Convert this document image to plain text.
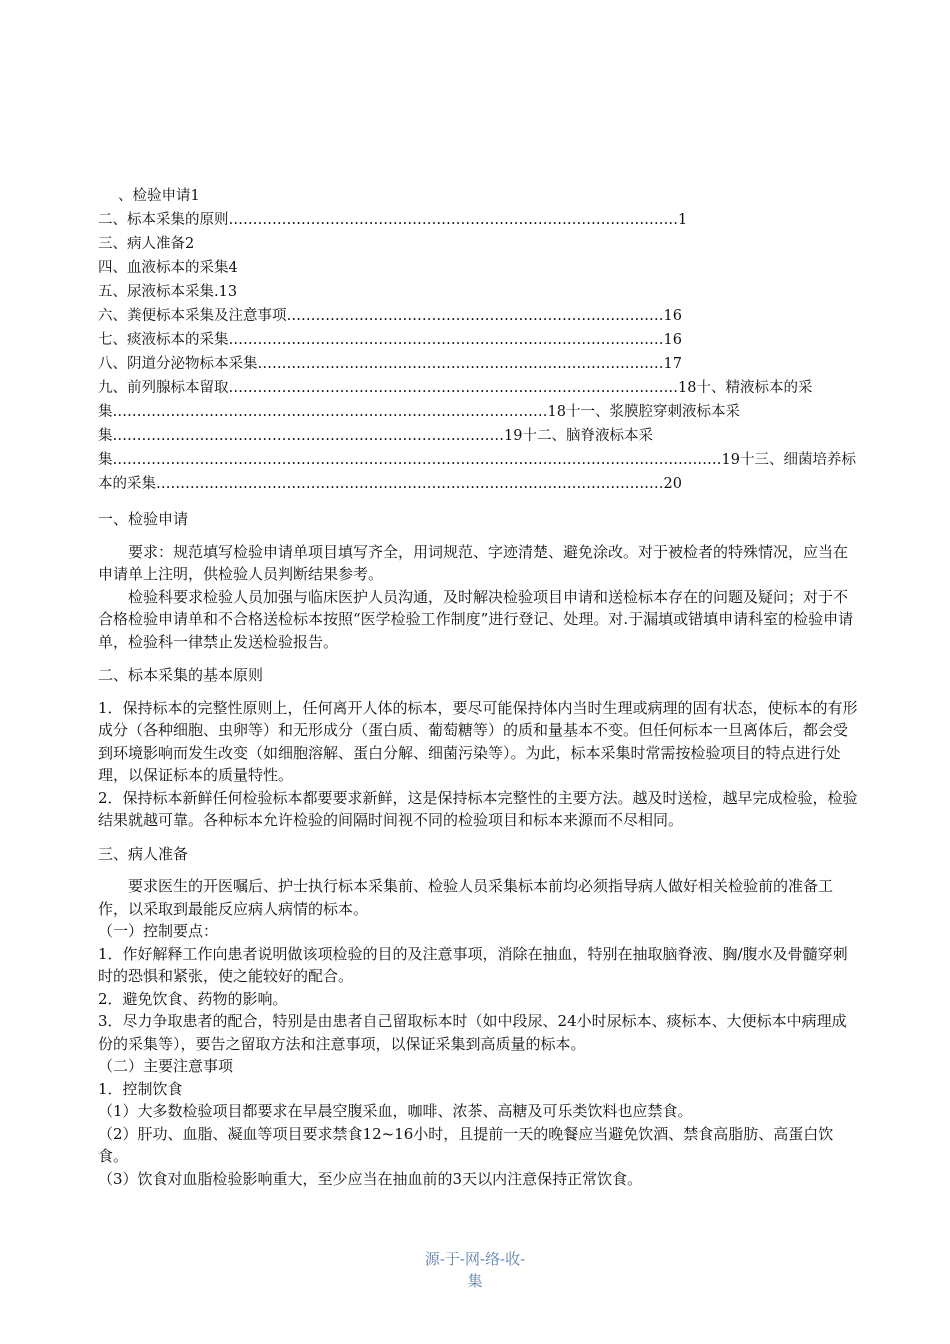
、检验申请1
二、标本采集的原则…………………………………………………………………………………1
三、病人准备2
四、血液标本的采集4
五、尿液标本采集.13
六、粪便标本采集及注意事项……………………………………………………………………16
七、痰液标本的采集………………………………………………………………………………16
八、阴道分泌物标本采集…………………………………………………………………………17
九、前列腺标本留取…………………………………………………………………………………18十、精液标本的采集………………………………………………………………………………18十一、浆膜腔穿刺液标本采集………………………………………………………………………19十二、脑脊液标本采集………………………………………………………………………………………………………………19十三、细菌培养标本的采集……………………………………………………………………………………………20

一、检验申请

要求：规范填写检验申请单项目填写齐全，用词规范、字迹清楚、避免涂改。对于被检者的特殊情况，应当在申请单上注明，供检验人员判断结果参考。

检验科要求检验人员加强与临床医护人员沟通，及时解决检验项目申请和送检标本存在的问题及疑问；对于不合格检验申请单和不合格送检标本按照“医学检验工作制度”进行登记、处理。对.于漏填或错填申请科室的检验申请单，检验科一律禁止发送检验报告。

二、标本采集的基本原则

1．保持标本的完整性原则上，任何离开人体的标本，要尽可能保持体内当时生理或病理的固有状态，使标本的有形成分（各种细胞、虫卵等）和无形成分（蛋白质、葡萄糖等）的质和量基本不变。但任何标本一旦离体后，都会受到环境影响而发生改变（如细胞溶解、蛋白分解、细菌污染等）。为此，标本采集时常需按检验项目的特点进行处理，以保证标本的质量特性。

2．保持标本新鲜任何检验标本都要要求新鲜，这是保持标本完整性的主要方法。越及时送检，越早完成检验，检验结果就越可靠。各种标本允许检验的间隔时间视不同的检验项目和标本来源而不尽相同。

三、病人准备

要求医生的开医嘱后、护士执行标本采集前、检验人员采集标本前均必须指导病人做好相关检验前的准备工作，以采取到最能反应病人病情的标本。

（一）控制要点：

1．作好解释工作向患者说明做该项检验的目的及注意事项，消除在抽血，特别在抽取脑脊液、胸/腹水及骨髓穿刺时的恐惧和紧张，使之能较好的配合。

2．避免饮食、药物的影响。

3．尽力争取患者的配合，特别是由患者自己留取标本时（如中段尿、24小时尿标本、痰标本、大便标本中病理成份的采集等），要告之留取方法和注意事项，以保证采集到高质量的标本。

（二）主要注意事项

1．控制饮食

（1）大多数检验项目都要求在早晨空腹采血，咖啡、浓茶、高糖及可乐类饮料也应禁食。

（2）肝功、血脂、凝血等项目要求禁食12~16小时，且提前一天的晚餐应当避免饮酒、禁食高脂肪、高蛋白饮食。

（3）饮食对血脂检验影响重大，至少应当在抽血前的3天以内注意保持正常饮食。

源-于-网-络-收-
集
